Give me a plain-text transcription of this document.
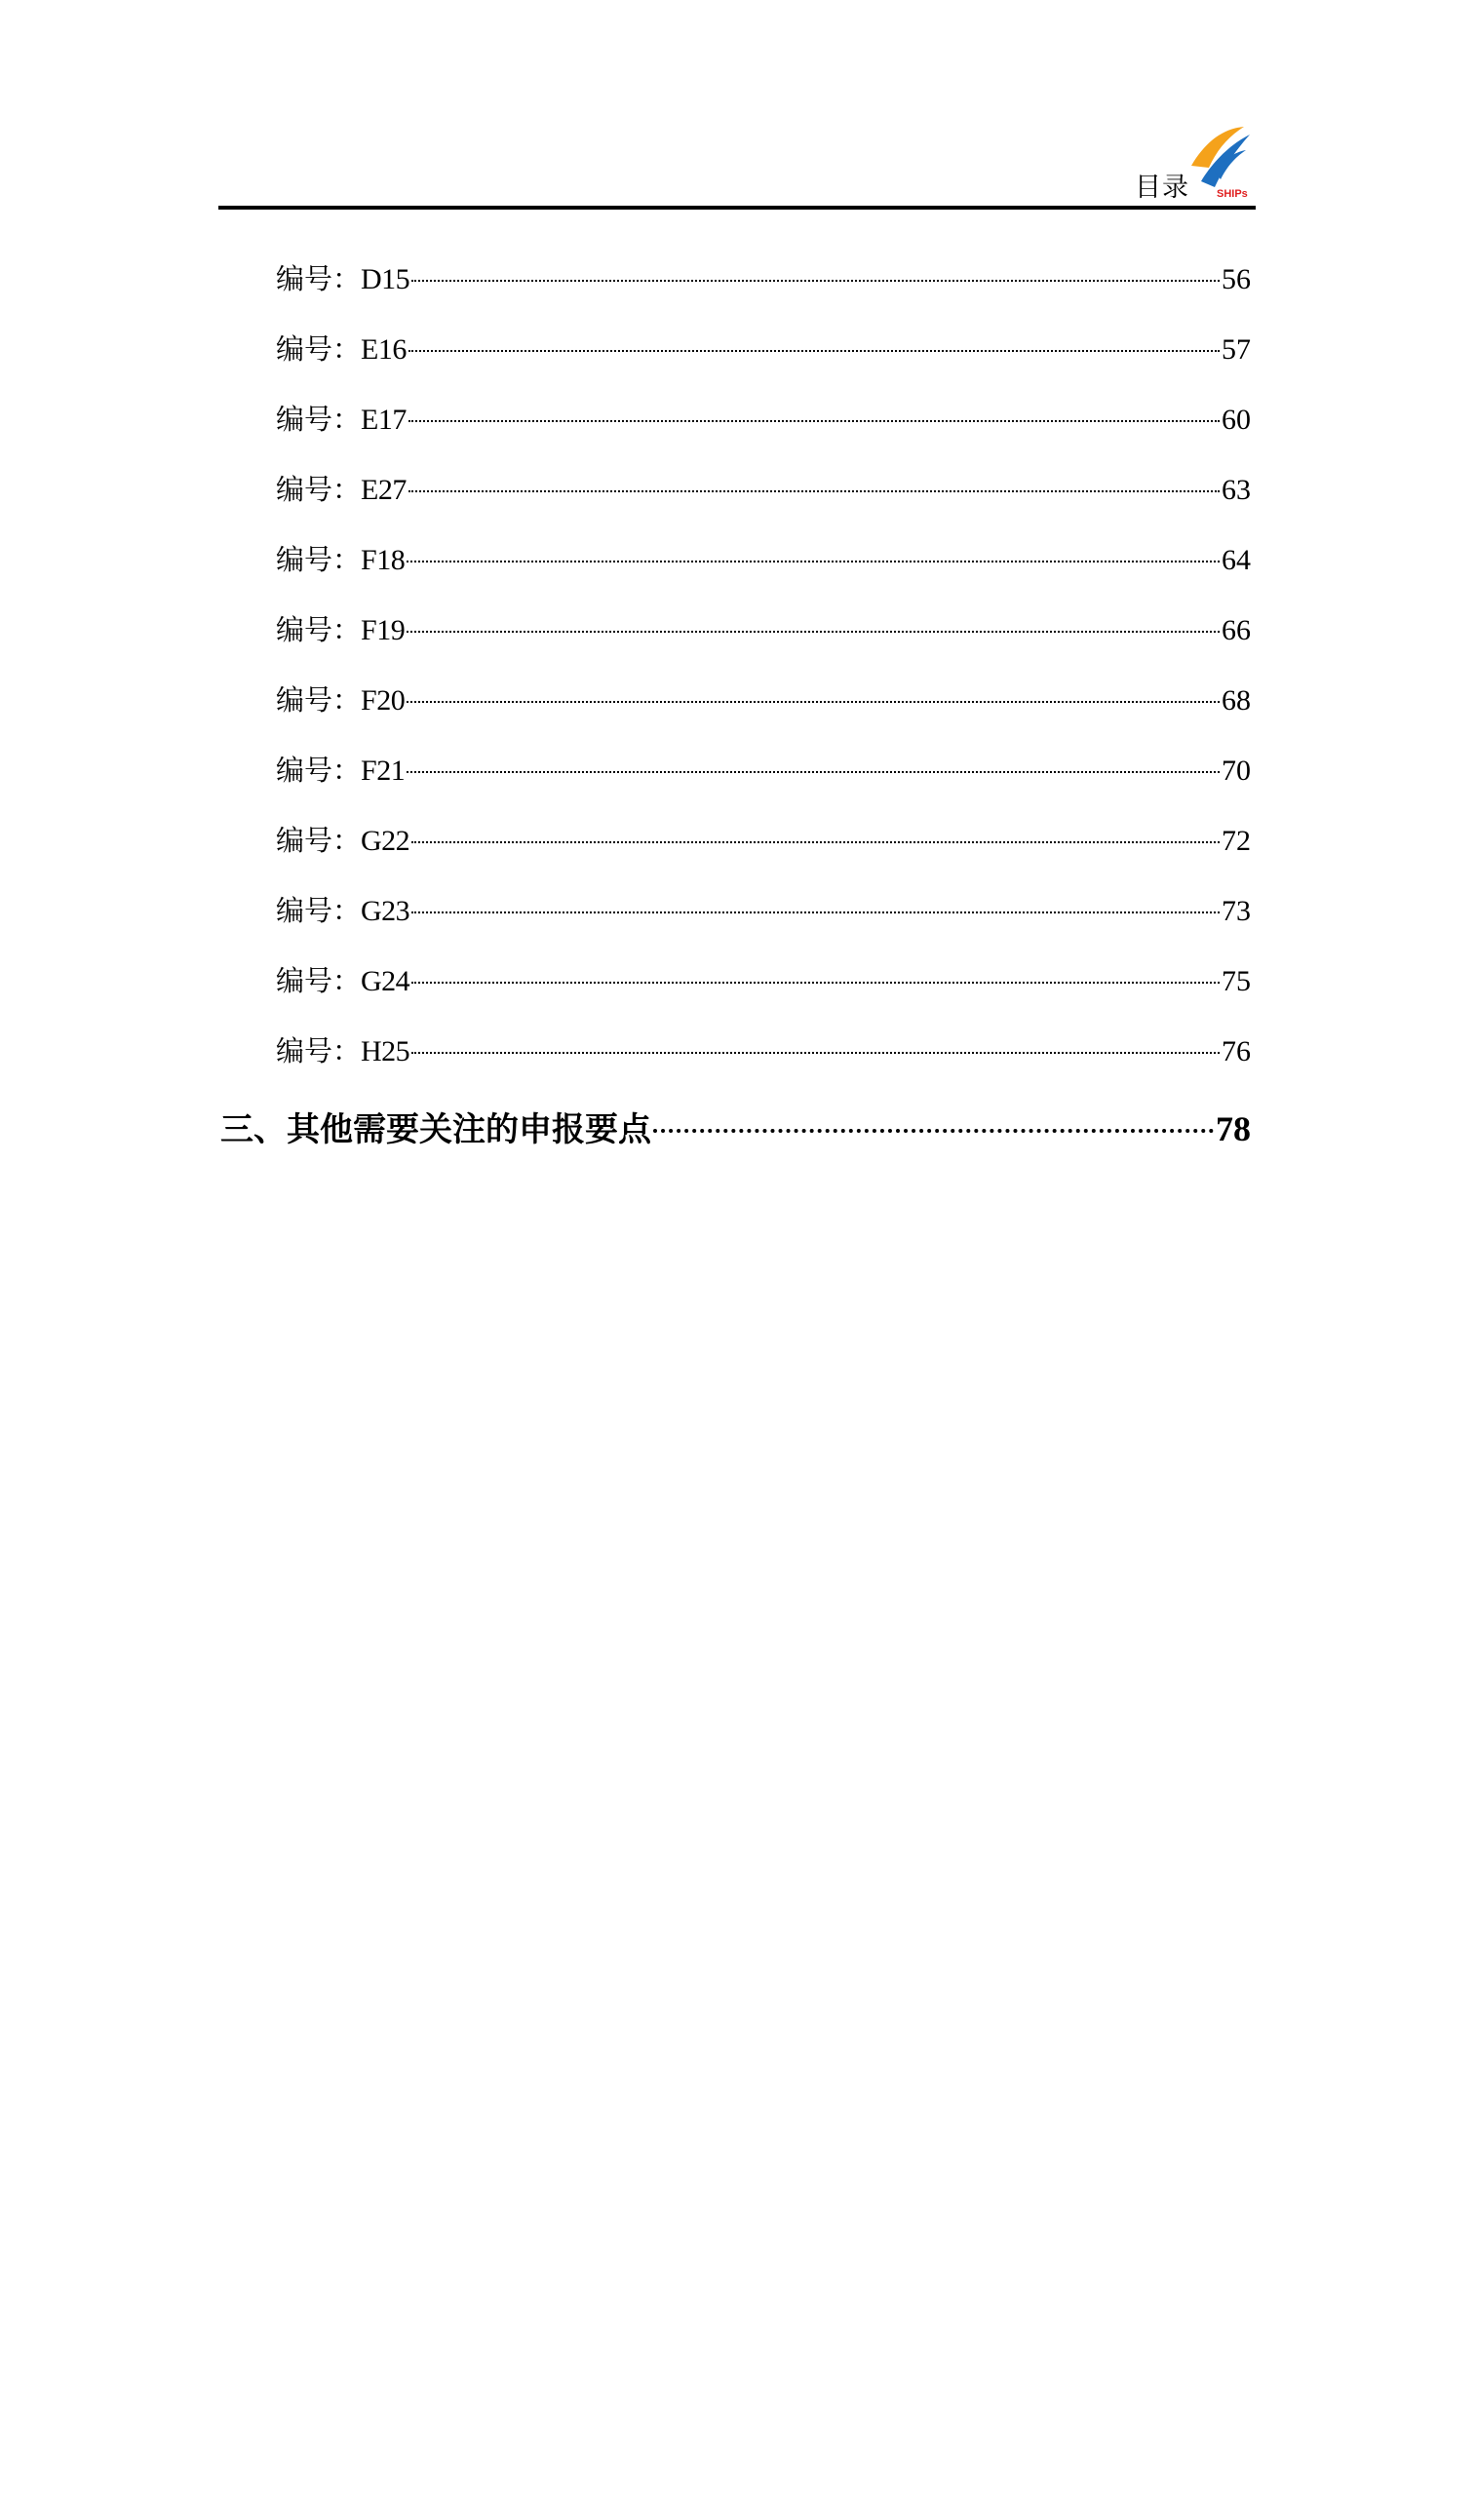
目录	SHIPs
编号：D15	56
编号：E16	57
编号：E17	60
编号：E27	63
编号：F18	64
编号：F19	66
编号：F20	68
编号：F21	70
编号：G22	72
编号：G23	73
编号：G24	75
编号：H25	76
三、其他需要关注的申报要点	78
